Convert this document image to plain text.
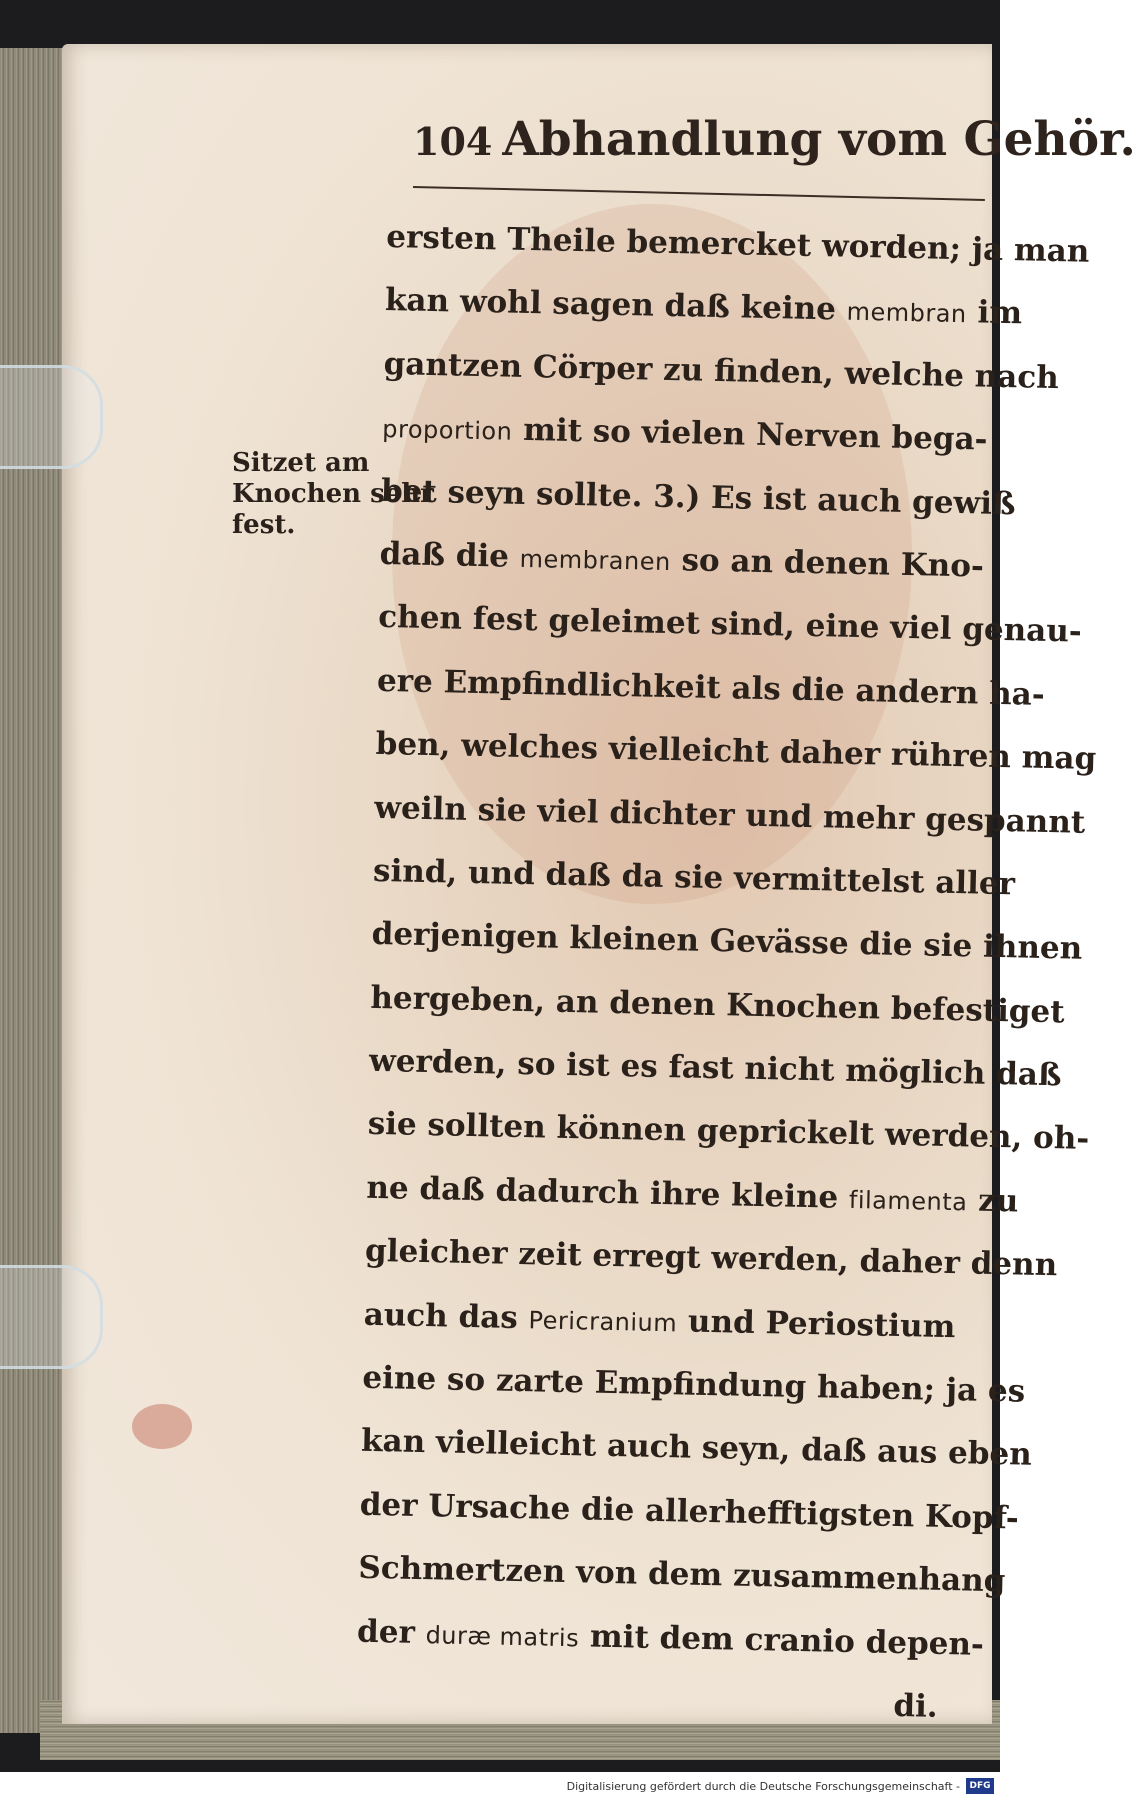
104 Abhandlung vom Gehör.
Sitzet am
Knochen sehr
fest.
ersten Theile bemercket worden; ja man
kan wohl sagen daß keine membran im
gantzen Cörper zu finden, welche nach
proportion mit so vielen Nerven bega-
bet seyn sollte. 3.) Es ist auch gewiß
daß die membranen so an denen Kno-
chen fest geleimet sind, eine viel genau-
ere Empfindlichkeit als die andern ha-
ben, welches vielleicht daher rühren mag
weiln sie viel dichter und mehr gespannt
sind, und daß da sie vermittelst aller
derjenigen kleinen Gevässe die sie ihnen
hergeben, an denen Knochen befestiget
werden, so ist es fast nicht möglich daß
sie sollten können geprickelt werden, oh-
ne daß dadurch ihre kleine filamenta zu
gleicher zeit erregt werden, daher denn
auch das Pericranium und Periostium
eine so zarte Empfindung haben; ja es
kan vielleicht auch seyn, daß aus eben
der Ursache die allerhefftigsten Kopf-
Schmertzen von dem zusammenhang
der duræ matris mit dem cranio depen-
di.
Digitalisierung gefördert durch die Deutsche Forschungsgemeinschaft -	DFG
